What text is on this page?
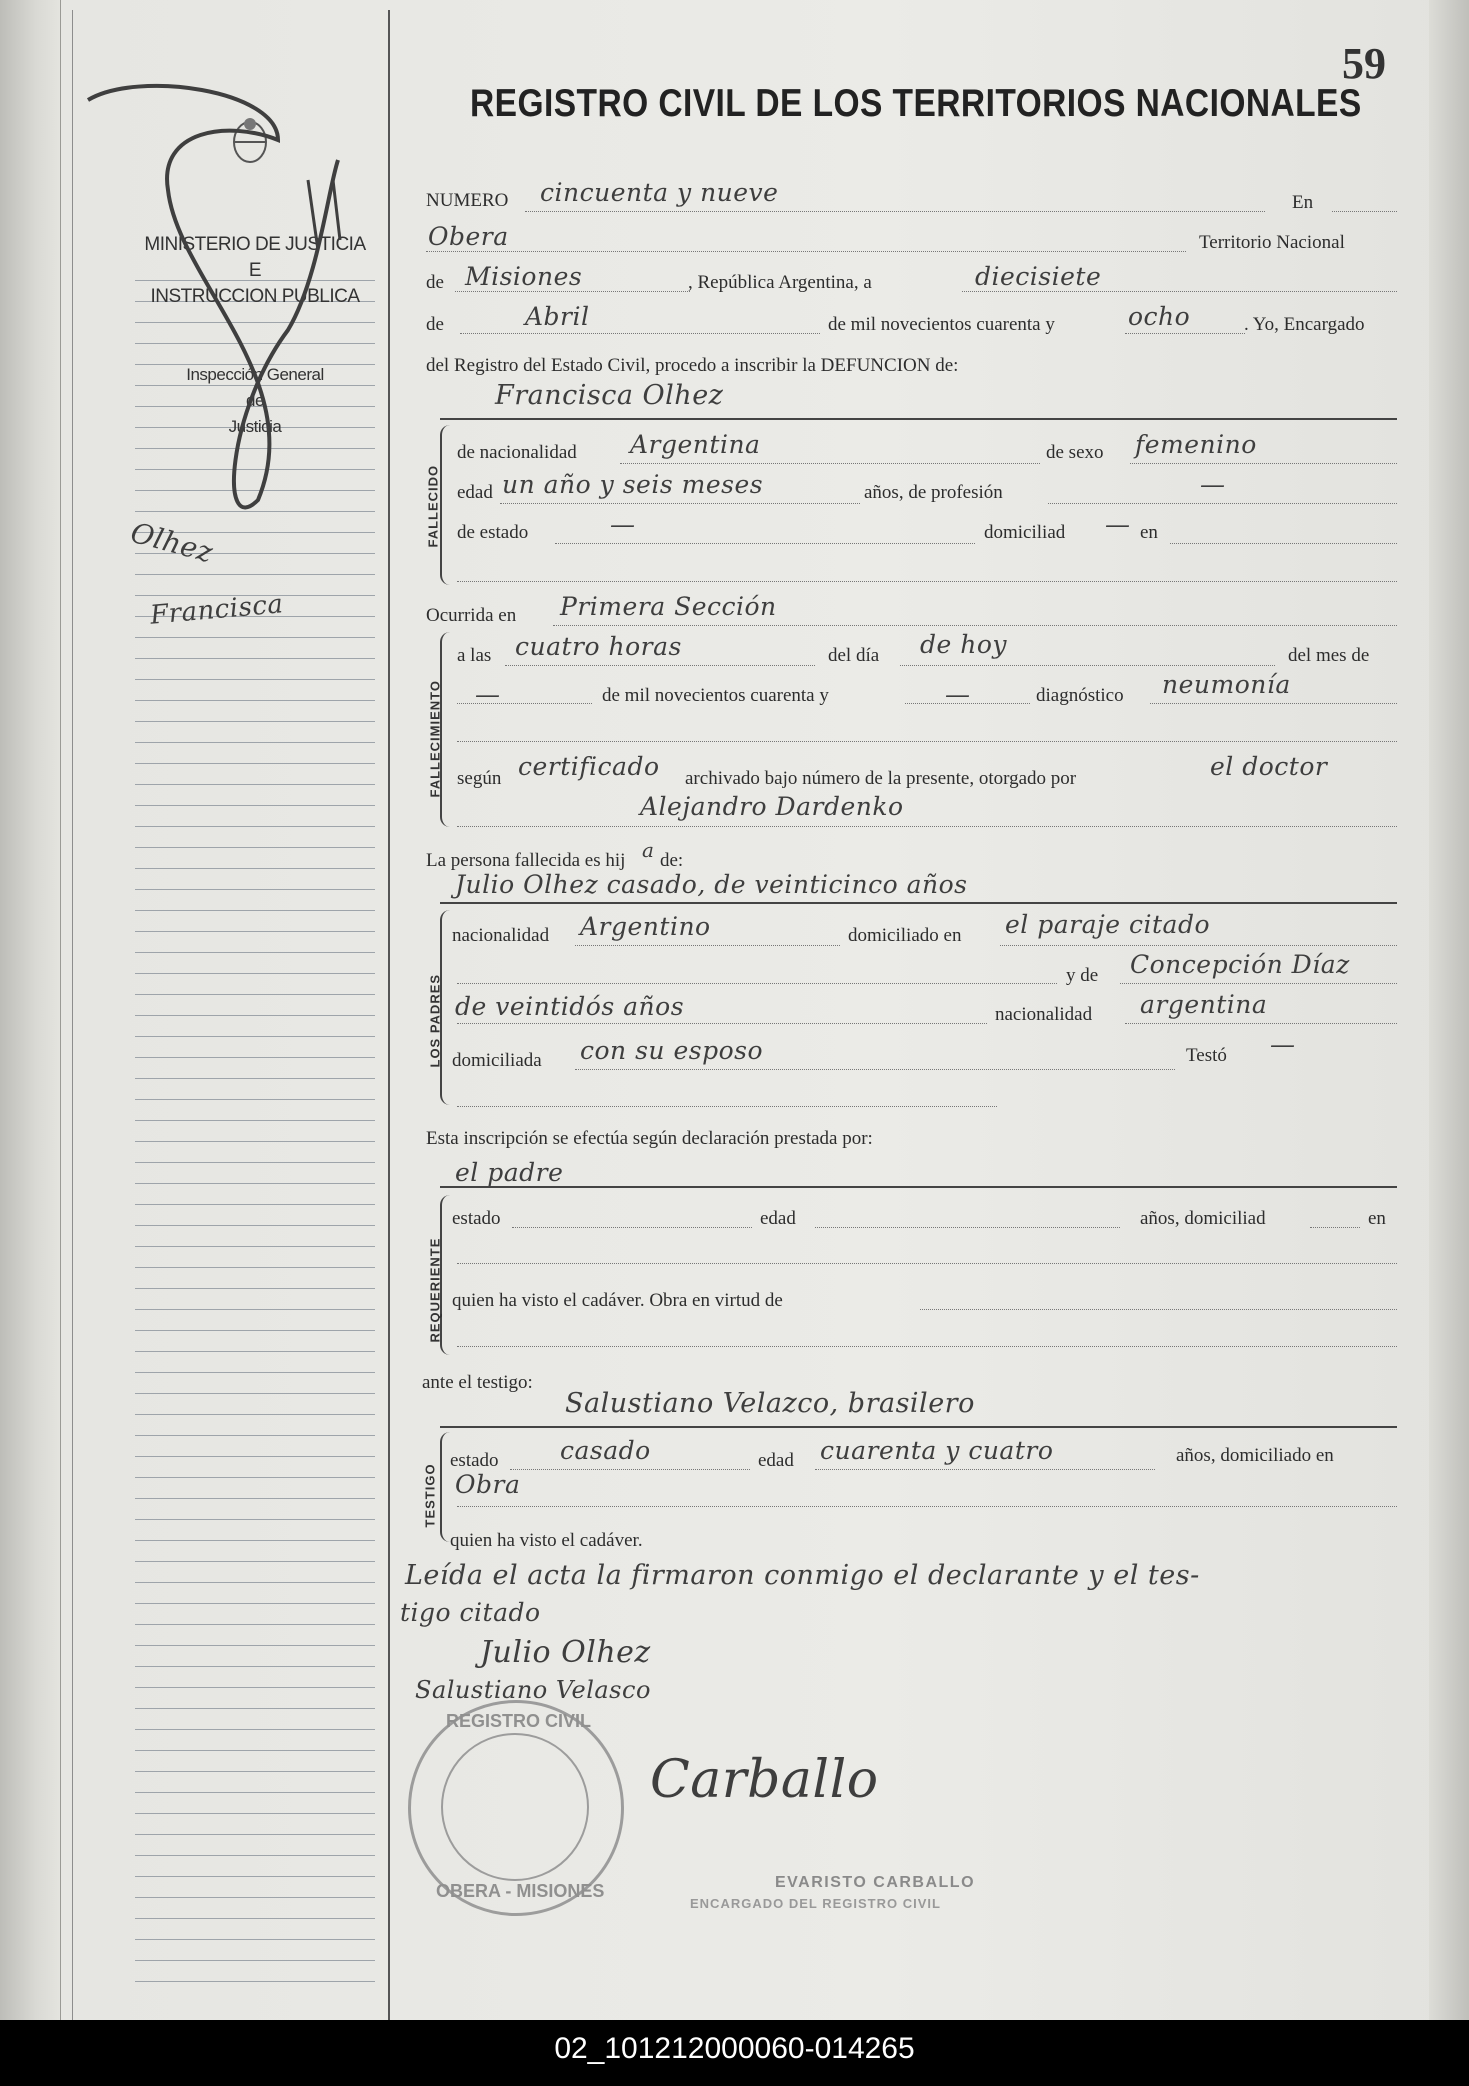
MINISTERIO DE JUSTICIA
E
INSTRUCCION PUBLICA
Inspección General
de
Justicia
Olhez
Francisca
59
REGISTRO CIVIL DE LOS TERRITORIOS NACIONALES
NUMERO cincuenta y nueve	En
Obera	Territorio Nacional
de Misiones	, República Argentina, a	diecisiete
de	Abril	de mil novecientos cuarenta y	ocho	. Yo, Encargado
del Registro del Estado Civil, procedo a inscribir la DEFUNCION de:
Francisca Olhez
FALLECIDO
de nacionalidad Argentina	de sexo femenino
edad un año y seis meses	años, de profesión	—
de estado	—	domiciliad — en
Ocurrida en Primera Sección
FALLECIMIENTO
a las cuatro horas	del día de hoy	del mes de
—	de mil novecientos cuarenta y	—	diagnóstico neumonía
según certificado archivado bajo número de la presente, otorgado por	el doctor
Alejandro Dardenko
La persona fallecida es hij a de:
Julio Olhez casado, de veinticinco años
LOS PADRES
nacionalidad Argentino	domiciliado en el paraje citado
y de Concepción Díaz
de veintidós años	nacionalidad argentina
domiciliada con su esposo	Testó —
Esta inscripción se efectúa según declaración prestada por:
el padre
REQUERIENTE
estado	edad	años, domiciliad	en
quien ha visto el cadáver. Obra en virtud de
ante el testigo:
Salustiano Velazco, brasilero
TESTIGO
estado casado	edad cuarenta y cuatro	años, domiciliado en
Obra
quien ha visto el cadáver.
Leída el acta la firmaron conmigo el declarante y el tes-
tigo citado
Julio Olhez
Salustiano Velasco
Carballo
REGISTRO CIVIL
OBERA - MISIONES	EVARISTO CARBALLO
ENCARGADO DEL REGISTRO CIVIL
02_101212000060-014265
